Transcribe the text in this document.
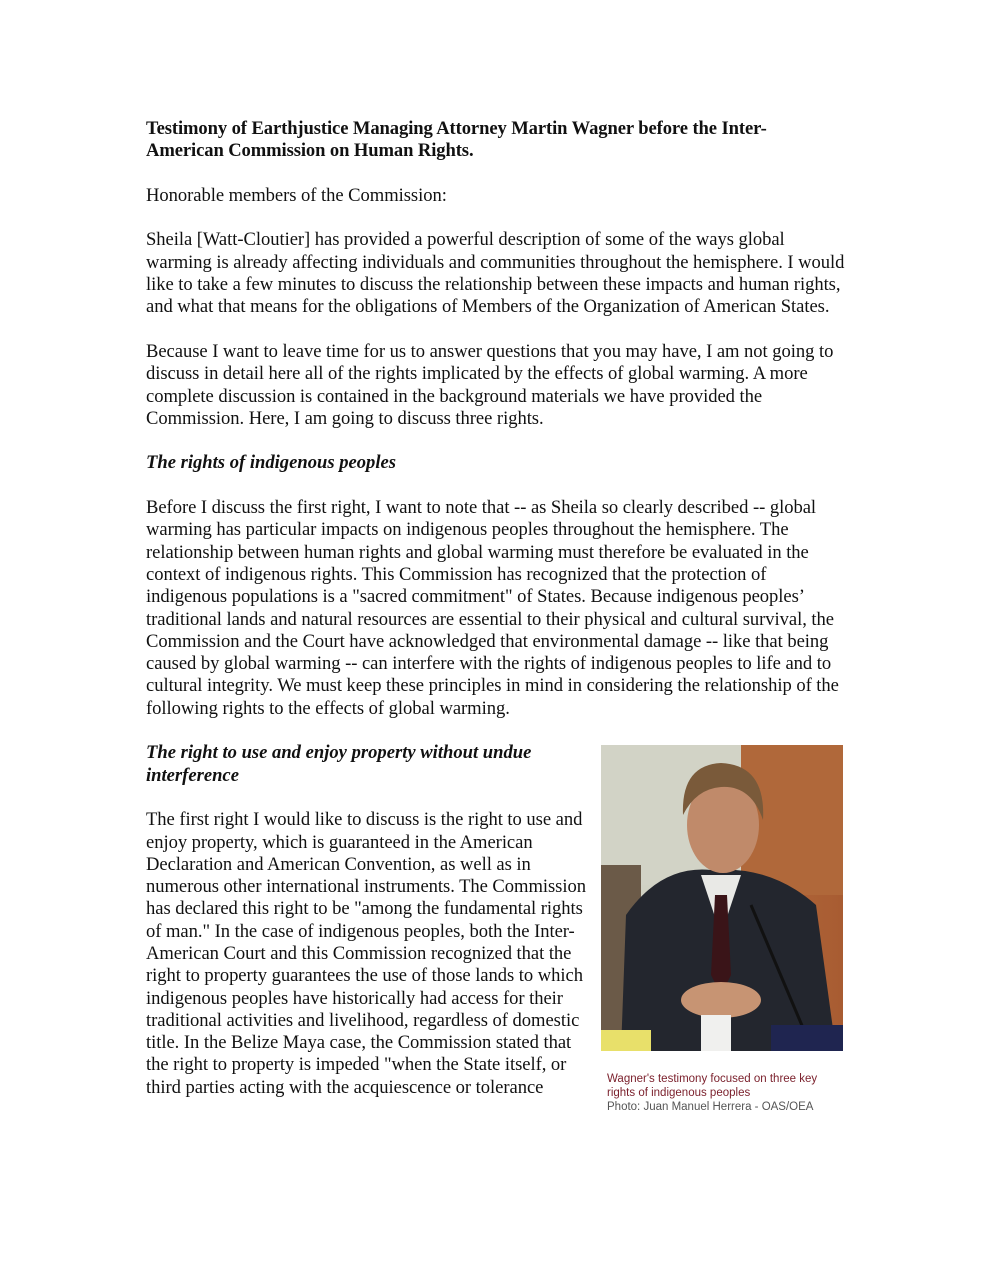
Testimony of Earthjustice Managing Attorney Martin Wagner before the Inter-
American Commission on Human Rights.

Honorable members of the Commission:

Sheila [Watt-Cloutier] has provided a powerful description of some of the ways global warming is already affecting individuals and communities throughout the hemisphere. I would like to take a few minutes to discuss the relationship between these impacts and human rights, and what that means for the obligations of Members of the Organization of American States.

Because I want to leave time for us to answer questions that you may have, I am not going to discuss in detail here all of the rights implicated by the effects of global warming. A more complete discussion is contained in the background materials we have provided the Commission. Here, I am going to discuss three rights.

The rights of indigenous peoples

Before I discuss the first right, I want to note that -- as Sheila so clearly described -- global warming has particular impacts on indigenous peoples throughout the hemisphere. The relationship between human rights and global warming must therefore be evaluated in the context of indigenous rights. This Commission has recognized that the protection of indigenous populations is a "sacred commitment" of States. Because indigenous peoples’ traditional lands and natural resources are essential to their physical and cultural survival, the Commission and the Court have acknowledged that environmental damage -- like that being caused by global warming -- can interfere with the rights of indigenous peoples to life and to cultural integrity. We must keep these principles in mind in considering the relationship of the following rights to the effects of global warming.

The right to use and enjoy property without undue interference

The first right I would like to discuss is the right to use and enjoy property, which is guaranteed in the American Declaration and American Convention, as well as in numerous other international instruments. The Commission has declared this right to be "among the fundamental rights of man." In the case of indigenous peoples, both the Inter-American Court and this Commission recognized that the right to property guarantees the use of those lands to which indigenous peoples have historically had access for their traditional activities and livelihood, regardless of domestic title. In the Belize Maya case, the Commission stated that the right to property is impeded "when the State itself, or third parties acting with the acquiescence or tolerance	Wagner's testimony focused on three key rights of indigenous peoples
Photo: Juan Manuel Herrera - OAS/OEA
